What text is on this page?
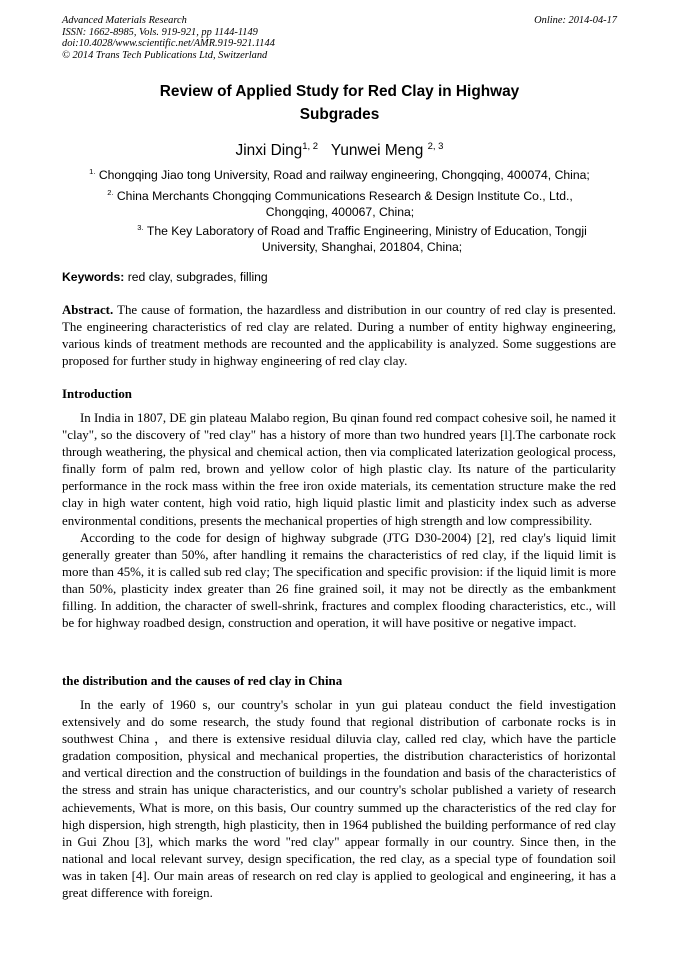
Advanced Materials Research
ISSN: 1662-8985, Vols. 919-921, pp 1144-1149
doi:10.4028/www.scientific.net/AMR.919-921.1144
© 2014 Trans Tech Publications Ltd, Switzerland
Online: 2014-04-17
Review of Applied Study for Red Clay in Highway
Subgrades
Jinxi Ding$^{1, 2}$ Yunwei Meng $^{2, 3}$
$^{1.}$ Chongqing Jiao tong University, Road and railway engineering, Chongqing, 400074, China;
$^{2.}$ China Merchants Chongqing Communications Research & Design Institute Co., Ltd.,
Chongqing, 400067, China;
$^{3.}$ The Key Laboratory of Road and Traffic Engineering, Ministry of Education, Tongji
University, Shanghai, 201804, China;
Keywords: red clay, subgrades, filling

Abstract. The cause of formation, the hazardless and distribution in our country of red clay is presented. The engineering characteristics of red clay are related. During a number of entity highway engineering, various kinds of treatment methods are recounted and the applicability is analyzed. Some suggestions are proposed for further study in highway engineering of red clay clay.

Introduction

In India in 1807, DE gin plateau Malabo region, Bu qinan found red compact cohesive soil, he named it "clay", so the discovery of "red clay" has a history of more than two hundred years [l].The carbonate rock through weathering, the physical and chemical action, then via complicated laterization geological process, finally form of palm red, brown and yellow color of high plastic clay. Its nature of the particularity performance in the rock mass within the free iron oxide materials, its cementation structure make the red clay in high water content, high void ratio, high liquid plastic limit and plasticity index such as adverse environmental conditions, presents the mechanical properties of high strength and low compressibility.

According to the code for design of highway subgrade (JTG D30-2004) [2], red clay's liquid limit generally greater than 50%, after handling it remains the characteristics of red clay, if the liquid limit is more than 45%, it is called sub red clay; The specification and specific provision: if the liquid limit is more than 50%, plasticity index greater than 26 fine grained soil, it may not be directly as the embankment filling. In addition, the character of swell-shrink, fractures and complex flooding characteristics, etc., will be for highway roadbed design, construction and operation, it will have positive or negative impact.

the distribution and the causes of red clay in China

In the early of 1960 s, our country's scholar in yun gui plateau conduct the field investigation extensively and do some research, the study found that regional distribution of carbonate rocks is in southwest China ，and there is extensive residual diluvia clay, called red clay, which have the particle gradation composition, physical and mechanical properties, the distribution characteristics of horizontal and vertical direction and the construction of buildings in the foundation and basis of the characteristics of the stress and strain has unique characteristics, and our country's scholar published a variety of research achievements, What is more, on this basis, Our country summed up the characteristics of the red clay for high dispersion, high strength, high plasticity, then in 1964 published the building performance of red clay in Gui Zhou [3], which marks the word "red clay" appear formally in our country. Since then, in the national and local relevant survey, design specification, the red clay, as a special type of foundation soil was in taken [4]. Our main areas of research on red clay is applied to geological and engineering, it has a great difference with foreign.
